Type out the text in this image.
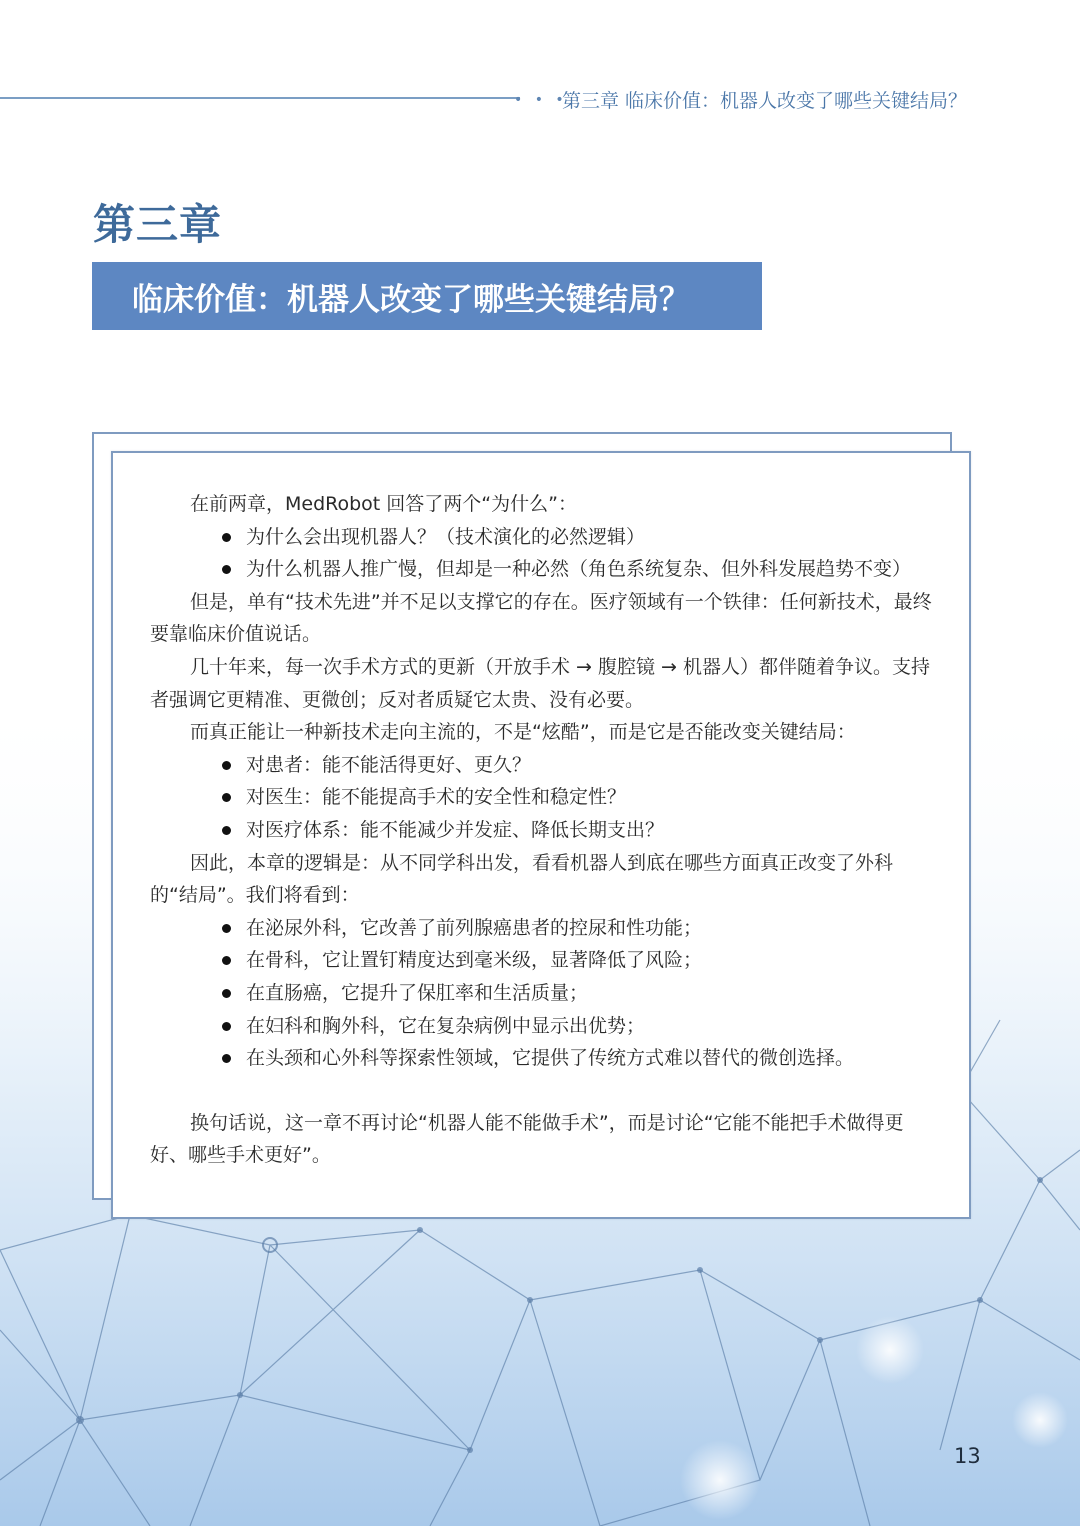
• • •
第三章 临床价值：机器人改变了哪些关键结局？
第三章
临床价值：机器人改变了哪些关键结局？

在前两章，MedRobot 回答了两个“为什么”：

为什么会出现机器人？（技术演化的必然逻辑）
为什么机器人推广慢，但却是一种必然（角色系统复杂、但外科发展趋势不变）

但是，单有“技术先进”并不足以支撑它的存在。医疗领域有一个铁律：任何新技术，最终要靠临床价值说话。

几十年来，每一次手术方式的更新（开放手术 → 腹腔镜 → 机器人）都伴随着争议。支持者强调它更精准、更微创；反对者质疑它太贵、没有必要。

而真正能让一种新技术走向主流的，不是“炫酷”，而是它是否能改变关键结局：

对患者：能不能活得更好、更久？
对医生：能不能提高手术的安全性和稳定性？
对医疗体系：能不能减少并发症、降低长期支出？

因此，本章的逻辑是：从不同学科出发，看看机器人到底在哪些方面真正改变了外科的“结局”。我们将看到：

在泌尿外科，它改善了前列腺癌患者的控尿和性功能；
在骨科，它让置钉精度达到毫米级，显著降低了风险；
在直肠癌，它提升了保肛率和生活质量；
在妇科和胸外科，它在复杂病例中显示出优势；
在头颈和心外科等探索性领域，它提供了传统方式难以替代的微创选择。

换句话说，这一章不再讨论“机器人能不能做手术”，而是讨论“它能不能把手术做得更好、哪些手术更好”。

13
